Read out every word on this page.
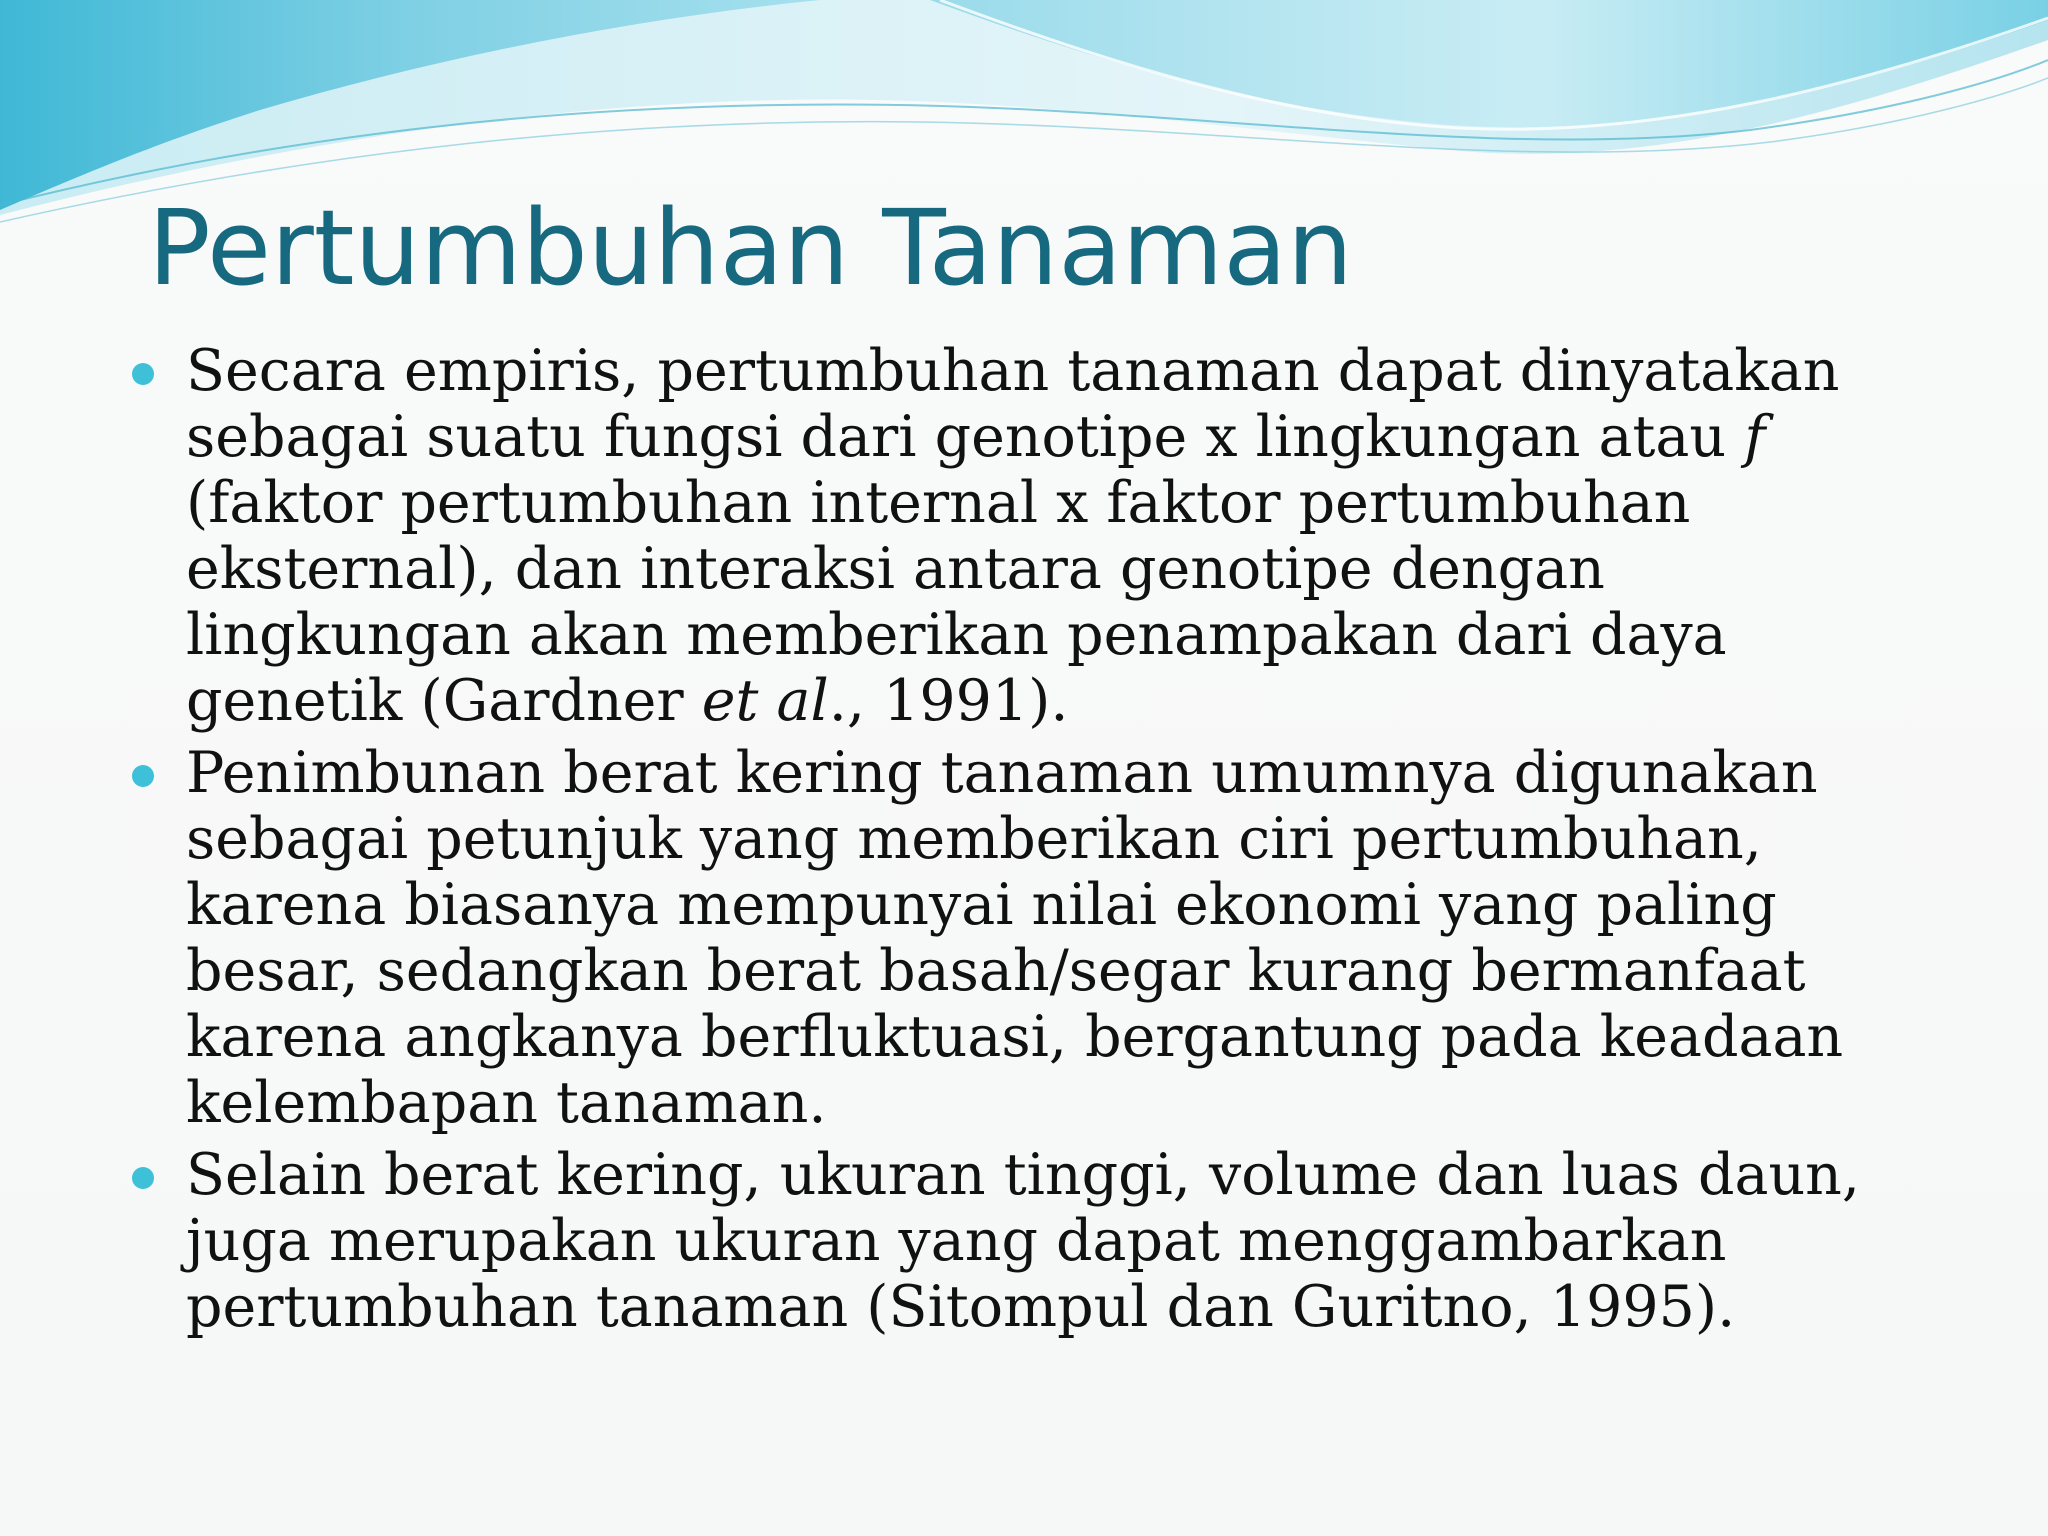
Pertumbuhan Tanaman
Secara empiris, pertumbuhan tanaman dapat dinyatakan
sebagai suatu fungsi dari genotipe x lingkungan atau f
(faktor pertumbuhan internal x faktor pertumbuhan
eksternal), dan interaksi antara genotipe dengan
lingkungan akan memberikan penampakan dari daya
genetik (Gardner et al., 1991).
Penimbunan berat kering tanaman umumnya digunakan
sebagai petunjuk yang memberikan ciri pertumbuhan,
karena biasanya mempunyai nilai ekonomi yang paling
besar, sedangkan berat basah/segar kurang bermanfaat
karena angkanya berfluktuasi, bergantung pada keadaan
kelembapan tanaman.
Selain berat kering, ukuran tinggi, volume dan luas daun,
juga merupakan ukuran yang dapat menggambarkan
pertumbuhan tanaman (Sitompul dan Guritno, 1995).
